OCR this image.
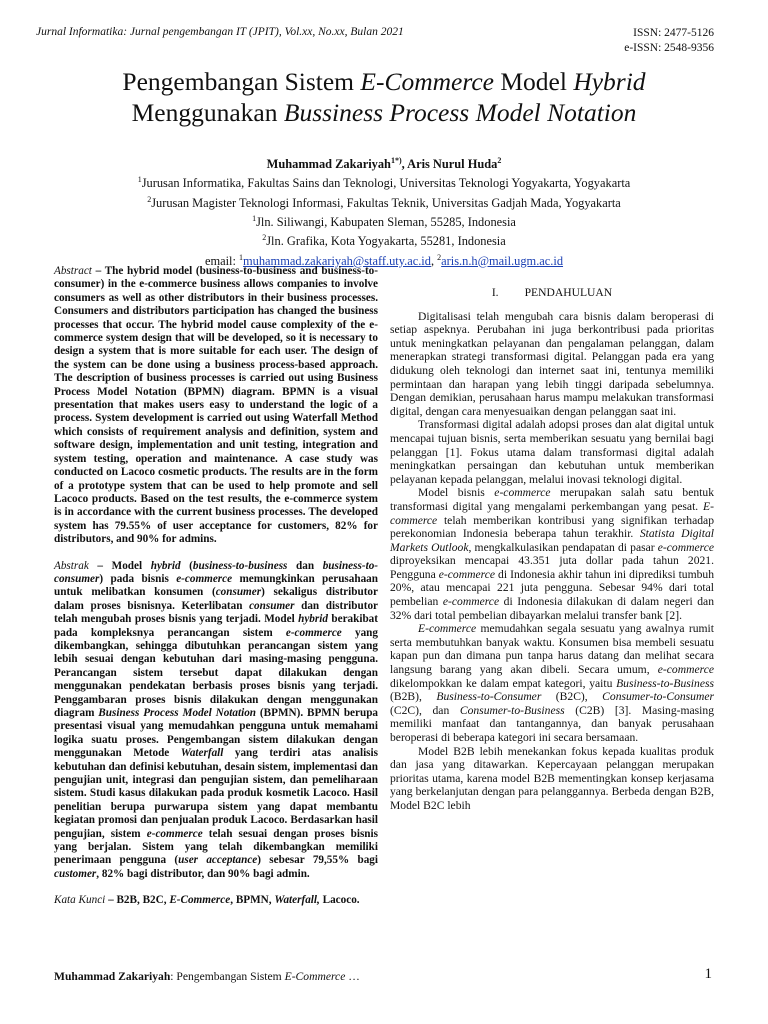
Jurnal Informatika: Jurnal pengembangan IT (JPIT), Vol.xx, No.xx, Bulan 2021	ISSN: 2477-5126
e-ISSN: 2548-9356
Pengembangan Sistem E-Commerce Model Hybrid
Menggunakan Bussiness Process Model Notation
Muhammad Zakariyah$^{1*)}$, Aris Nurul Huda$^2$
$^1$Jurusan Informatika, Fakultas Sains dan Teknologi, Universitas Teknologi Yogyakarta, Yogyakarta
$^2$Jurusan Magister Teknologi Informasi, Fakultas Teknik, Universitas Gadjah Mada, Yogyakarta
$^1$Jln. Siliwangi, Kabupaten Sleman, 55285, Indonesia
$^2$Jln. Grafika, Kota Yogyakarta, 55281, Indonesia
email: $^1$muhammad.zakariyah@staff.uty.ac.id, $^2$aris.n.h@mail.ugm.ac.id

Abstract – The hybrid model (business-to-business and business-to-consumer) in the e-commerce business allows companies to involve consumers as well as other distributors in their business processes. Consumers and distributors participation has changed the business processes that occur. The hybrid model cause complexity of the e-commerce system design that will be developed, so it is necessary to design a system that is more suitable for each user. The design of the system can be done using a business process-based approach. The description of business processes is carried out using Business Process Model Notation (BPMN) diagram. BPMN is a visual presentation that makes users easy to understand the logic of a process. System development is carried out using Waterfall Method which consists of requirement analysis and definition, system and software design, implementation and unit testing, integration and system testing, operation and maintenance. A case study was conducted on Lacoco cosmetic products. The results are in the form of a prototype system that can be used to help promote and sell Lacoco products. Based on the test results, the e-commerce system is in accordance with the current business processes. The developed system has 79.55% of user acceptance for customers, 82% for distributors, and 90% for admins.

Abstrak – Model hybrid (business-to-business dan business-to-consumer) pada bisnis e-commerce memungkinkan perusahaan untuk melibatkan konsumen (consumer) sekaligus distributor dalam proses bisnisnya. Keterlibatan consumer dan distributor telah mengubah proses bisnis yang terjadi. Model hybrid berakibat pada kompleksnya perancangan sistem e-commerce yang dikembangkan, sehingga dibutuhkan perancangan sistem yang lebih sesuai dengan kebutuhan dari masing-masing pengguna. Perancangan sistem tersebut dapat dilakukan dengan menggunakan pendekatan berbasis proses bisnis yang terjadi. Penggambaran proses bisnis dilakukan dengan menggunakan diagram Business Process Model Notation (BPMN). BPMN berupa presentasi visual yang memudahkan pengguna untuk memahami logika suatu proses. Pengembangan sistem dilakukan dengan menggunakan Metode Waterfall yang terdiri atas analisis kebutuhan dan definisi kebutuhan, desain sistem, implementasi dan pengujian unit, integrasi dan pengujian sistem, dan pemeliharaan sistem. Studi kasus dilakukan pada produk kosmetik Lacoco. Hasil penelitian berupa purwarupa sistem yang dapat membantu kegiatan promosi dan penjualan produk Lacoco. Berdasarkan hasil pengujian, sistem e-commerce telah sesuai dengan proses bisnis yang berjalan. Sistem yang telah dikembangkan memiliki penerimaan pengguna (user acceptance) sebesar 79,55% bagi customer, 82% bagi distributor, dan 90% bagi admin.

Kata Kunci – B2B, B2C, E-Commerce, BPMN, Waterfall, Lacoco.

I. PENDAHULUAN

Digitalisasi telah mengubah cara bisnis dalam beroperasi di setiap aspeknya. Perubahan ini juga berkontribusi pada prioritas untuk meningkatkan pelayanan dan pengalaman pelanggan, dalam menerapkan strategi transformasi digital. Pelanggan pada era yang didukung oleh teknologi dan internet saat ini, tentunya memiliki permintaan dan harapan yang lebih tinggi daripada sebelumnya. Dengan demikian, perusahaan harus mampu melakukan transformasi digital, dengan cara menyesuaikan dengan pelanggan saat ini.

Transformasi digital adalah adopsi proses dan alat digital untuk mencapai tujuan bisnis, serta memberikan sesuatu yang bernilai bagi pelanggan [1]. Fokus utama dalam transformasi digital adalah meningkatkan persaingan dan kebutuhan untuk memberikan pelayanan kepada pelanggan, melalui inovasi teknologi digital.

Model bisnis e-commerce merupakan salah satu bentuk transformasi digital yang mengalami perkembangan yang pesat. E-commerce telah memberikan kontribusi yang signifikan terhadap perekonomian Indonesia beberapa tahun terakhir. Statista Digital Markets Outlook, mengkalkulasikan pendapatan di pasar e-commerce diproyeksikan mencapai 43.351 juta dollar pada tahun 2021. Pengguna e-commerce di Indonesia akhir tahun ini diprediksi tumbuh 20%, atau mencapai 221 juta pengguna. Sebesar 94% dari total pembelian e-commerce di Indonesia dilakukan di dalam negeri dan 32% dari total pembelian dibayarkan melalui transfer bank [2].

E-commerce memudahkan segala sesuatu yang awalnya rumit serta membutuhkan banyak waktu. Konsumen bisa membeli sesuatu kapan pun dan dimana pun tanpa harus datang dan melihat secara langsung barang yang akan dibeli. Secara umum, e-commerce dikelompokkan ke dalam empat kategori, yaitu Business-to-Business (B2B), Business-to-Consumer (B2C), Consumer-to-Consumer (C2C), dan Consumer-to-Business (C2B) [3]. Masing-masing memiliki manfaat dan tantangannya, dan banyak perusahaan beroperasi di beberapa kategori ini secara bersamaan.

Model B2B lebih menekankan fokus kepada kualitas produk dan jasa yang ditawarkan. Kepercayaan pelanggan merupakan prioritas utama, karena model B2B mementingkan konsep kerjasama yang berkelanjutan dengan para pelanggannya. Berbeda dengan B2B, Model B2C lebih

Muhammad Zakariyah: Pengembangan Sistem E-Commerce …	1
